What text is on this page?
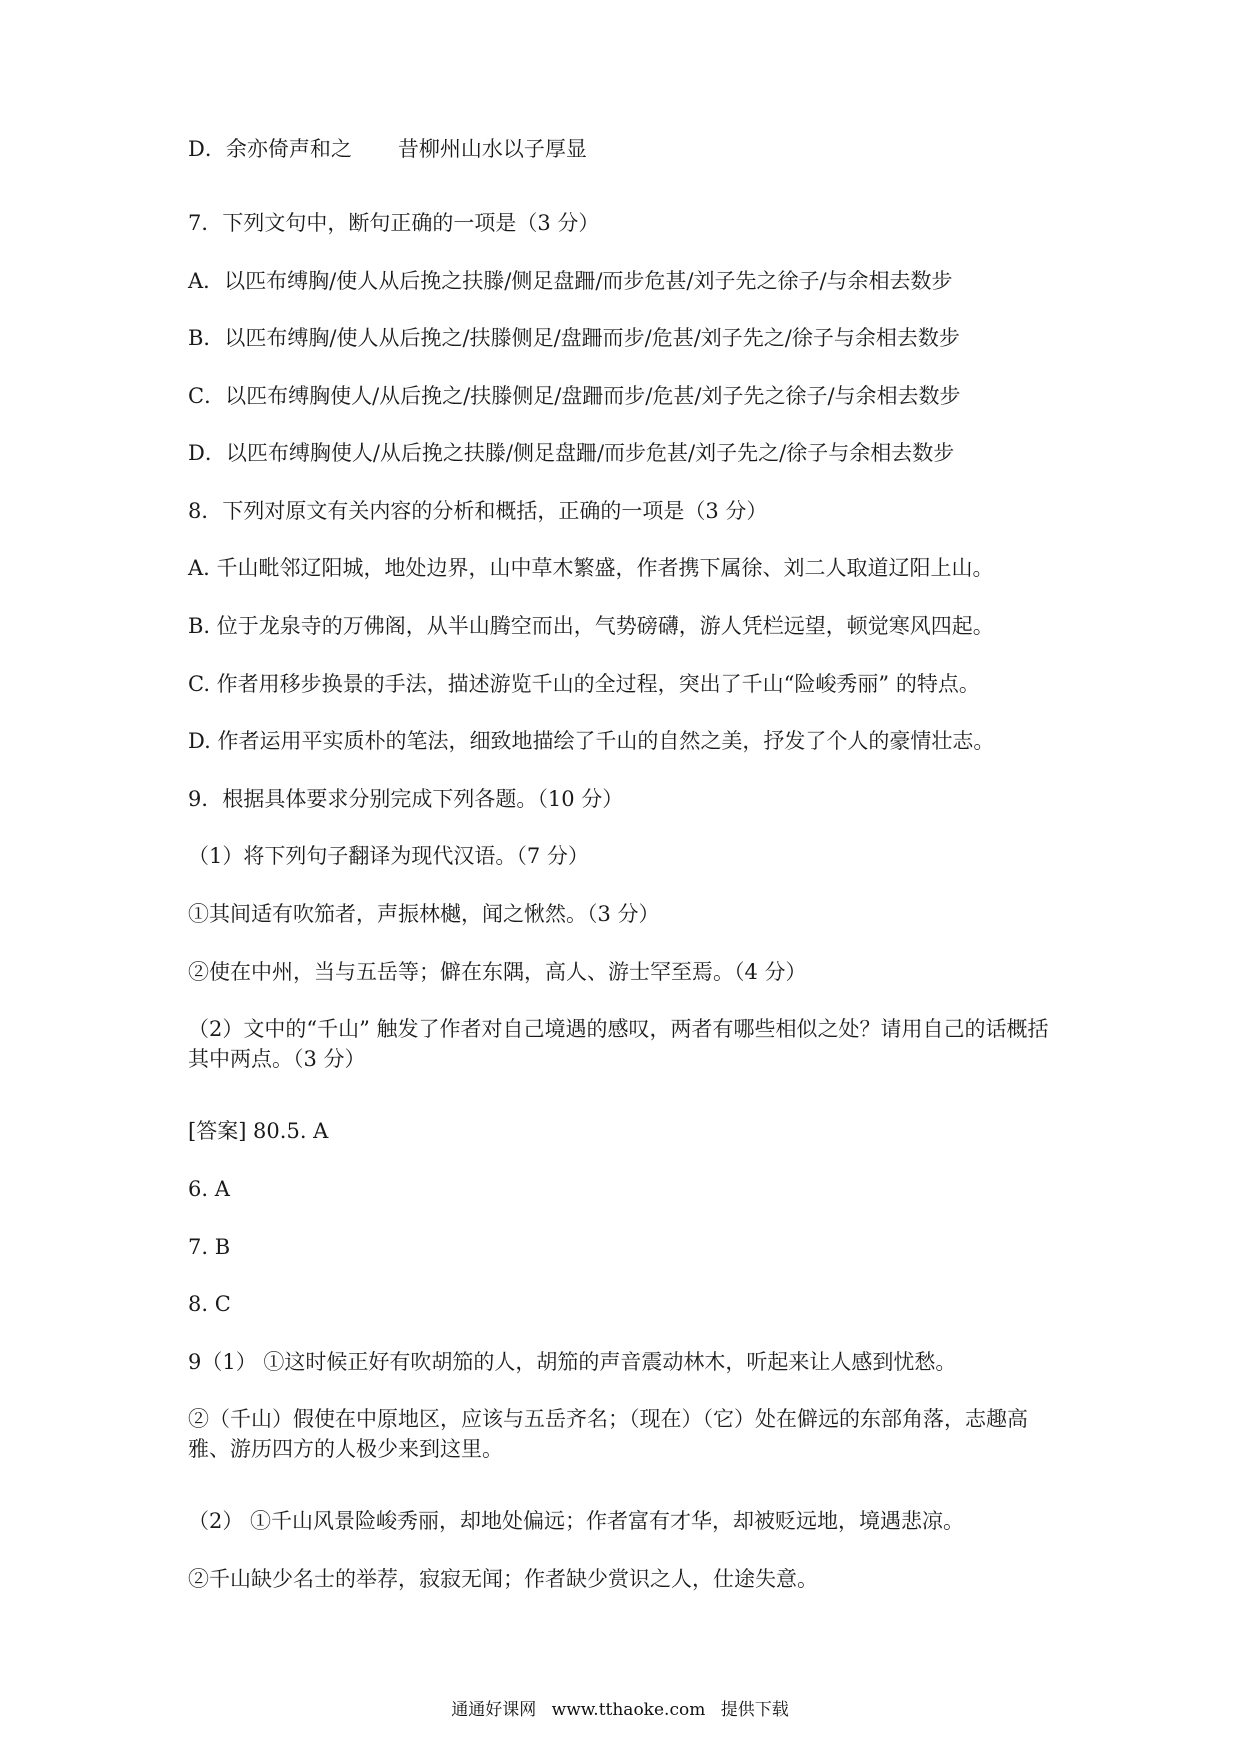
D．余亦倚声和之 昔柳州山水以子厚显
7．下列文句中，断句正确的一项是（3 分）
A．以匹布缚胸/使人从后挽之扶滕/侧足盘跚/而步危甚/刘子先之徐子/与余相去数步
B．以匹布缚胸/使人从后挽之/扶滕侧足/盘跚而步/危甚/刘子先之/徐子与余相去数步
C．以匹布缚胸使人/从后挽之/扶滕侧足/盘跚而步/危甚/刘子先之徐子/与余相去数步
D．以匹布缚胸使人/从后挽之扶滕/侧足盘跚/而步危甚/刘子先之/徐子与余相去数步
8．下列对原文有关内容的分析和概括，正确的一项是（3 分）
A. 千山毗邻辽阳城，地处边界，山中草木繁盛，作者携下属徐、刘二人取道辽阳上山。
B. 位于龙泉寺的万佛阁，从半山腾空而出，气势磅礴，游人凭栏远望，顿觉寒风四起。
C. 作者用移步换景的手法，描述游览千山的全过程，突出了千山“险峻秀丽” 的特点。
D. 作者运用平实质朴的笔法，细致地描绘了千山的自然之美，抒发了个人的豪情壮志。
9．根据具体要求分别完成下列各题。（10 分）
（1）将下列句子翻译为现代汉语。（7 分）
①其间适有吹笳者，声振林樾，闻之愀然。（3 分）
②使在中州，当与五岳等；僻在东隅，高人、游士罕至焉。（4 分）
（2）文中的“千山” 触发了作者对自己境遇的感叹，两者有哪些相似之处？请用自己的话概括其中两点。（3 分）
[答案] 80.5. A
6. A
7. B
8. C
9（1） ①这时候正好有吹胡笳的人，胡笳的声音震动林木，听起来让人感到忧愁。
②（千山）假使在中原地区，应该与五岳齐名；（现在）（它）处在僻远的东部角落，志趣高雅、游历四方的人极少来到这里。
（2） ①千山风景险峻秀丽，却地处偏远；作者富有才华，却被贬远地，境遇悲凉。
②千山缺少名士的举荐，寂寂无闻；作者缺少赏识之人，仕途失意。
通通好课网 www.tthaoke.com 提供下载
